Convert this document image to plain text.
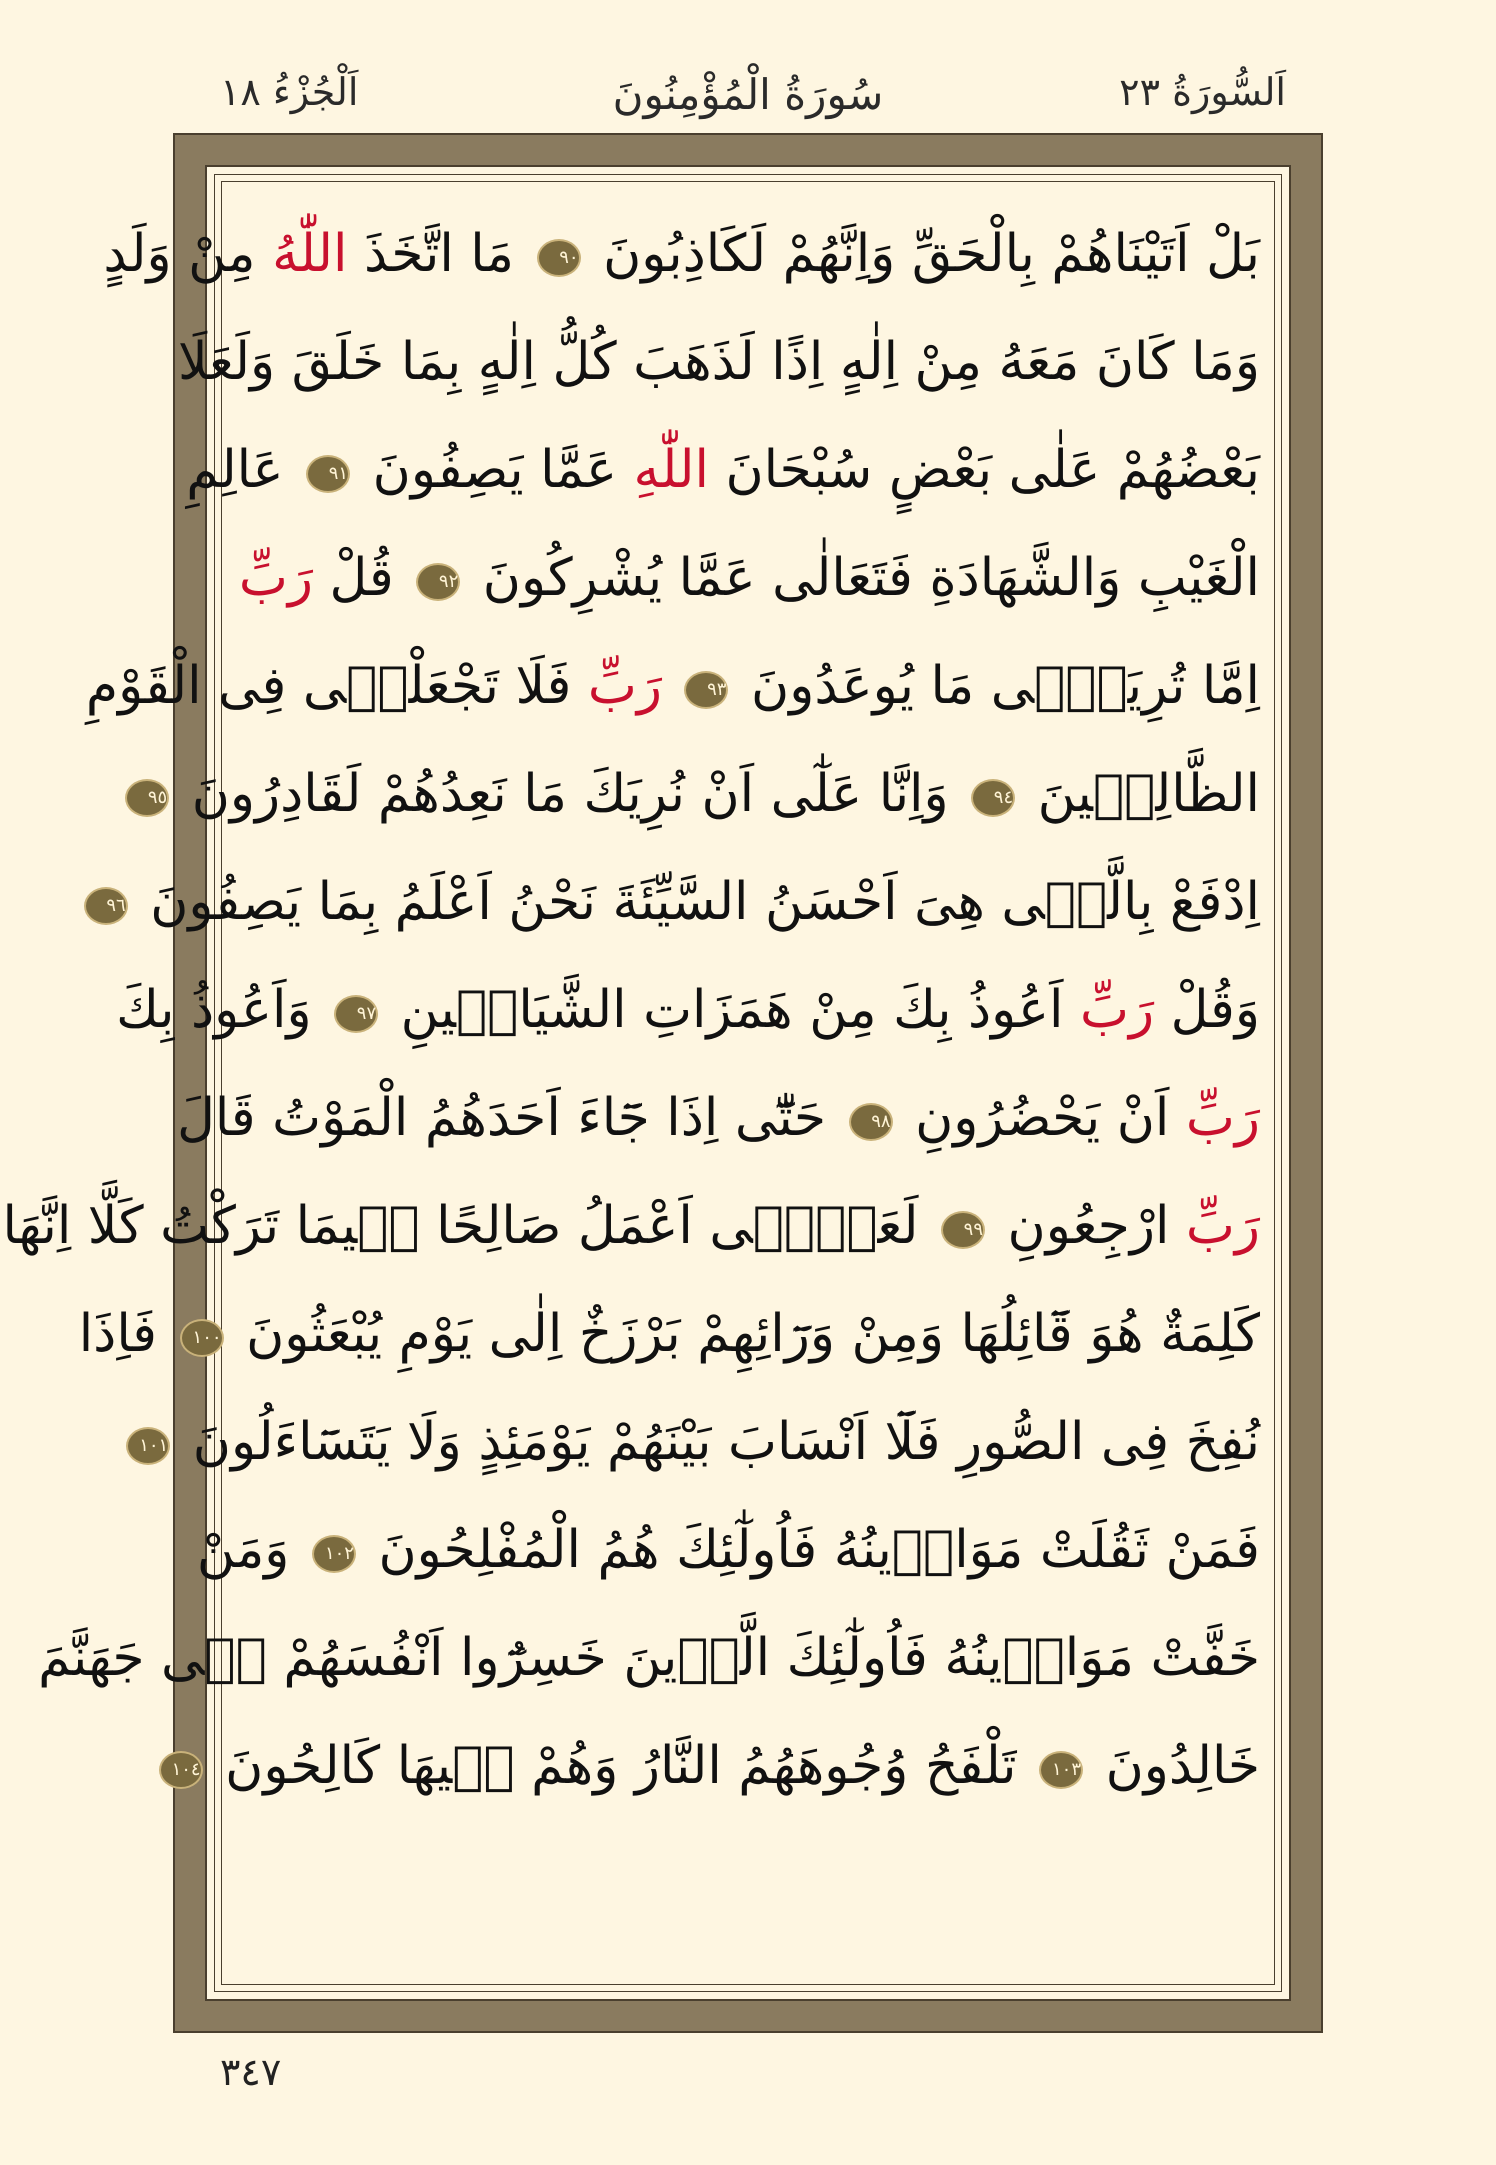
اَلسُّورَةُ ٢٣
سُورَةُ الْمُؤْمِنُونَ
اَلْجُزْءُ ١٨
بَلْ اَتَيْنَاهُمْ بِالْحَقِّ وَاِنَّهُمْ لَكَاذِبُونَ ٩٠ مَا اتَّخَذَ اللّٰهُ مِنْ وَلَدٍ
وَمَا كَانَ مَعَهُ مِنْ اِلٰهٍ اِذًا لَذَهَبَ كُلُّ اِلٰهٍ بِمَا خَلَقَ وَلَعَلَا
بَعْضُهُمْ عَلٰى بَعْضٍ سُبْحَانَ اللّٰهِ عَمَّا يَصِفُونَ ٩١ عَالِمِ
الْغَيْبِ وَالشَّهَادَةِ فَتَعَالٰى عَمَّا يُشْرِكُونَ ٩٢ قُلْ رَبِّ
اِمَّا تُرِيَنّٖى مَا يُوعَدُونَ ٩٣ رَبِّ فَلَا تَجْعَلْنٖى فِى الْقَوْمِ
الظَّالِمٖينَ ٩٤ وَاِنَّا عَلٰٓى اَنْ نُرِيَكَ مَا نَعِدُهُمْ لَقَادِرُونَ ٩٥
اِدْفَعْ بِالَّتٖى هِىَ اَحْسَنُ السَّيِّئَةَ نَحْنُ اَعْلَمُ بِمَا يَصِفُونَ ٩٦
وَقُلْ رَبِّ اَعُوذُ بِكَ مِنْ هَمَزَاتِ الشَّيَاطٖينِ ٩٧ وَاَعُوذُ بِكَ
رَبِّ اَنْ يَحْضُرُونِ ٩٨ حَتّٰٓى اِذَا جَٓاءَ اَحَدَهُمُ الْمَوْتُ قَالَ
رَبِّ ارْجِعُونِ ٩٩ لَعَلّٖٓى اَعْمَلُ صَالِحًا فٖيمَا تَرَكْتُ كَلَّا اِنَّهَا
كَلِمَةٌ هُوَ قَٓائِلُهَا وَمِنْ وَرَٓائِهِمْ بَرْزَخٌ اِلٰى يَوْمِ يُبْعَثُونَ ١٠٠ فَاِذَا
نُفِخَ فِى الصُّورِ فَلَٓا اَنْسَابَ بَيْنَهُمْ يَوْمَئِذٍ وَلَا يَتَسَٓاءَلُونَ ١٠١
فَمَنْ ثَقُلَتْ مَوَازٖينُهُ فَاُولٰٓئِكَ هُمُ الْمُفْلِحُونَ ١٠٢ وَمَنْ
خَفَّتْ مَوَازٖينُهُ فَاُولٰٓئِكَ الَّذٖينَ خَسِرُٓوا اَنْفُسَهُمْ فٖى جَهَنَّمَ
خَالِدُونَ ١٠٣ تَلْفَحُ وُجُوهَهُمُ النَّارُ وَهُمْ فٖيهَا كَالِحُونَ ١٠٤
٣٤٧
